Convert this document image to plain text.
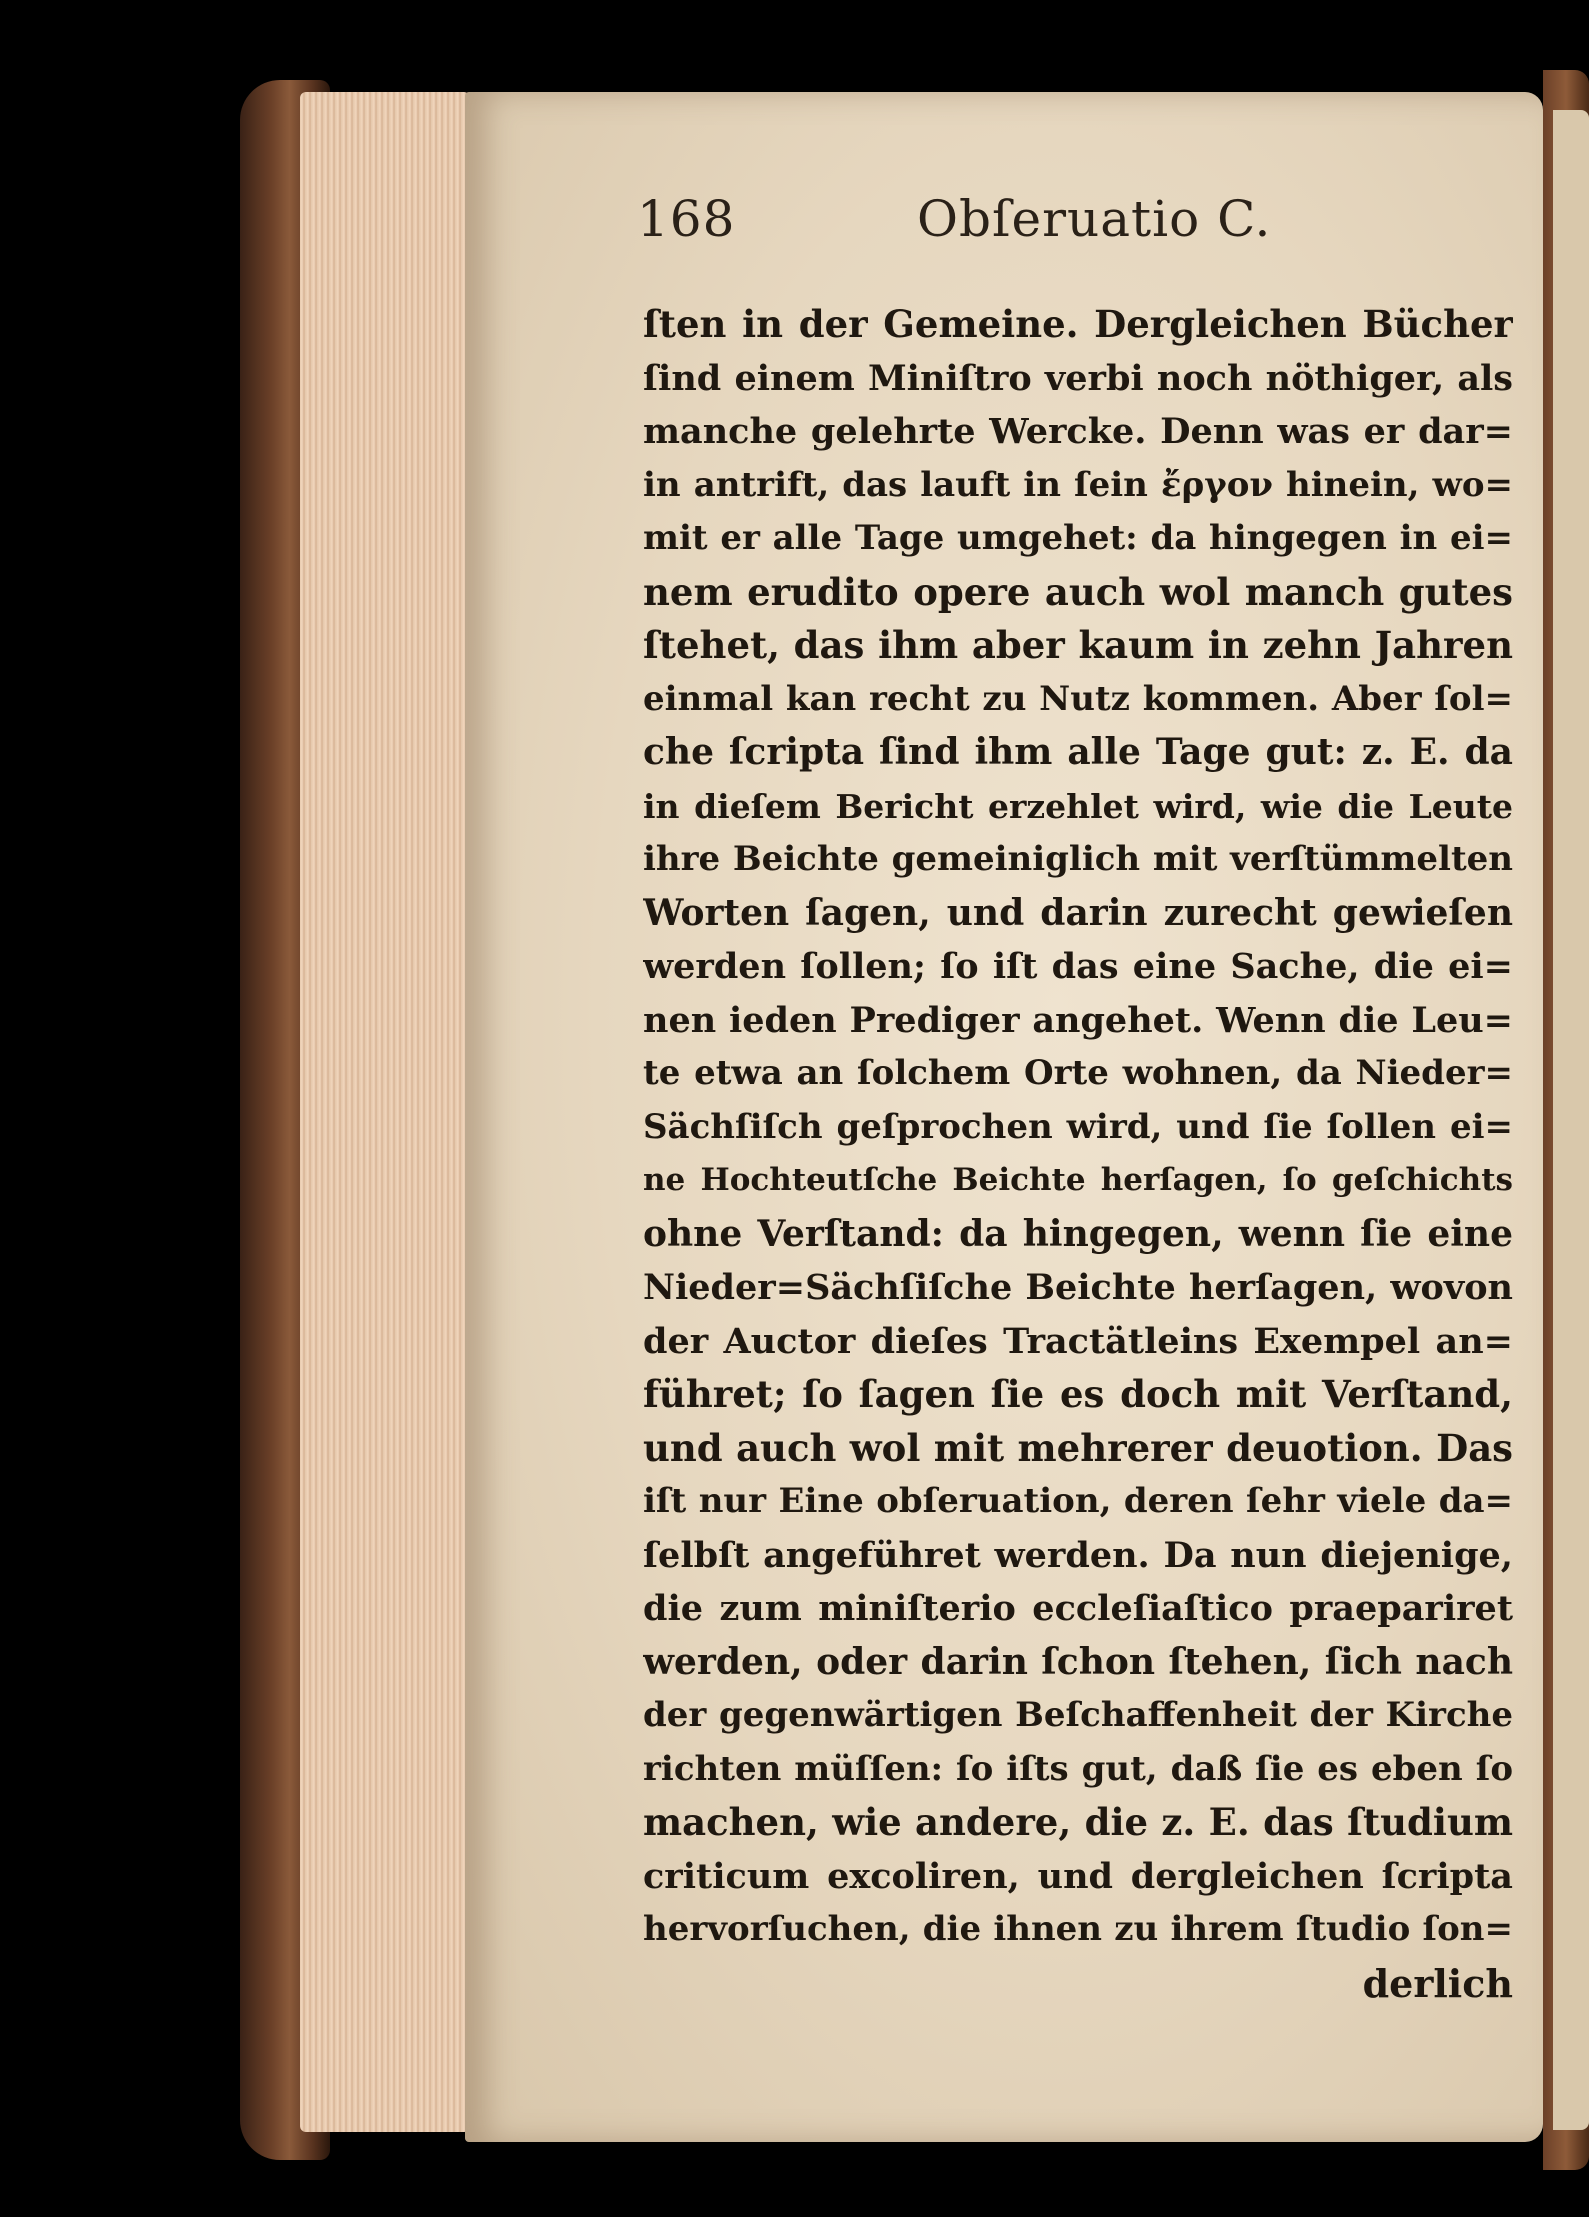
168	Obſeruatio C.
ſten in der Gemeine. Dergleichen Bücher
ſind einem Miniſtro verbi noch nöthiger, als
manche gelehrte Wercke. Denn was er dar=
in antrift, das lauft in ſein ἔργον hinein, wo=
mit er alle Tage umgehet: da hingegen in ei=
nem erudito opere auch wol manch gutes
ſtehet, das ihm aber kaum in zehn Jahren
einmal kan recht zu Nutz kommen. Aber ſol=
che ſcripta ſind ihm alle Tage gut: z. E. da
in dieſem Bericht erzehlet wird, wie die Leute
ihre Beichte gemeiniglich mit verſtümmelten
Worten ſagen, und darin zurecht gewieſen
werden ſollen; ſo iſt das eine Sache, die ei=
nen ieden Prediger angehet. Wenn die Leu=
te etwa an ſolchem Orte wohnen, da Nieder=
Sächſiſch geſprochen wird, und ſie ſollen ei=
ne Hochteutſche Beichte herſagen, ſo geſchichts
ohne Verſtand: da hingegen, wenn ſie eine
Nieder=Sächſiſche Beichte herſagen, wovon
der Auctor dieſes Tractätleins Exempel an=
führet; ſo ſagen ſie es doch mit Verſtand,
und auch wol mit mehrerer deuotion. Das
iſt nur Eine obſeruation, deren ſehr viele da=
ſelbſt angeführet werden. Da nun diejenige,
die zum miniſterio eccleſiaſtico praepariret
werden, oder darin ſchon ſtehen, ſich nach
der gegenwärtigen Beſchaffenheit der Kirche
richten müſſen: ſo iſts gut, daß ſie es eben ſo
machen, wie andere, die z. E. das ſtudium
criticum excoliren, und dergleichen ſcripta
hervorſuchen, die ihnen zu ihrem ſtudio ſon=
derlich
